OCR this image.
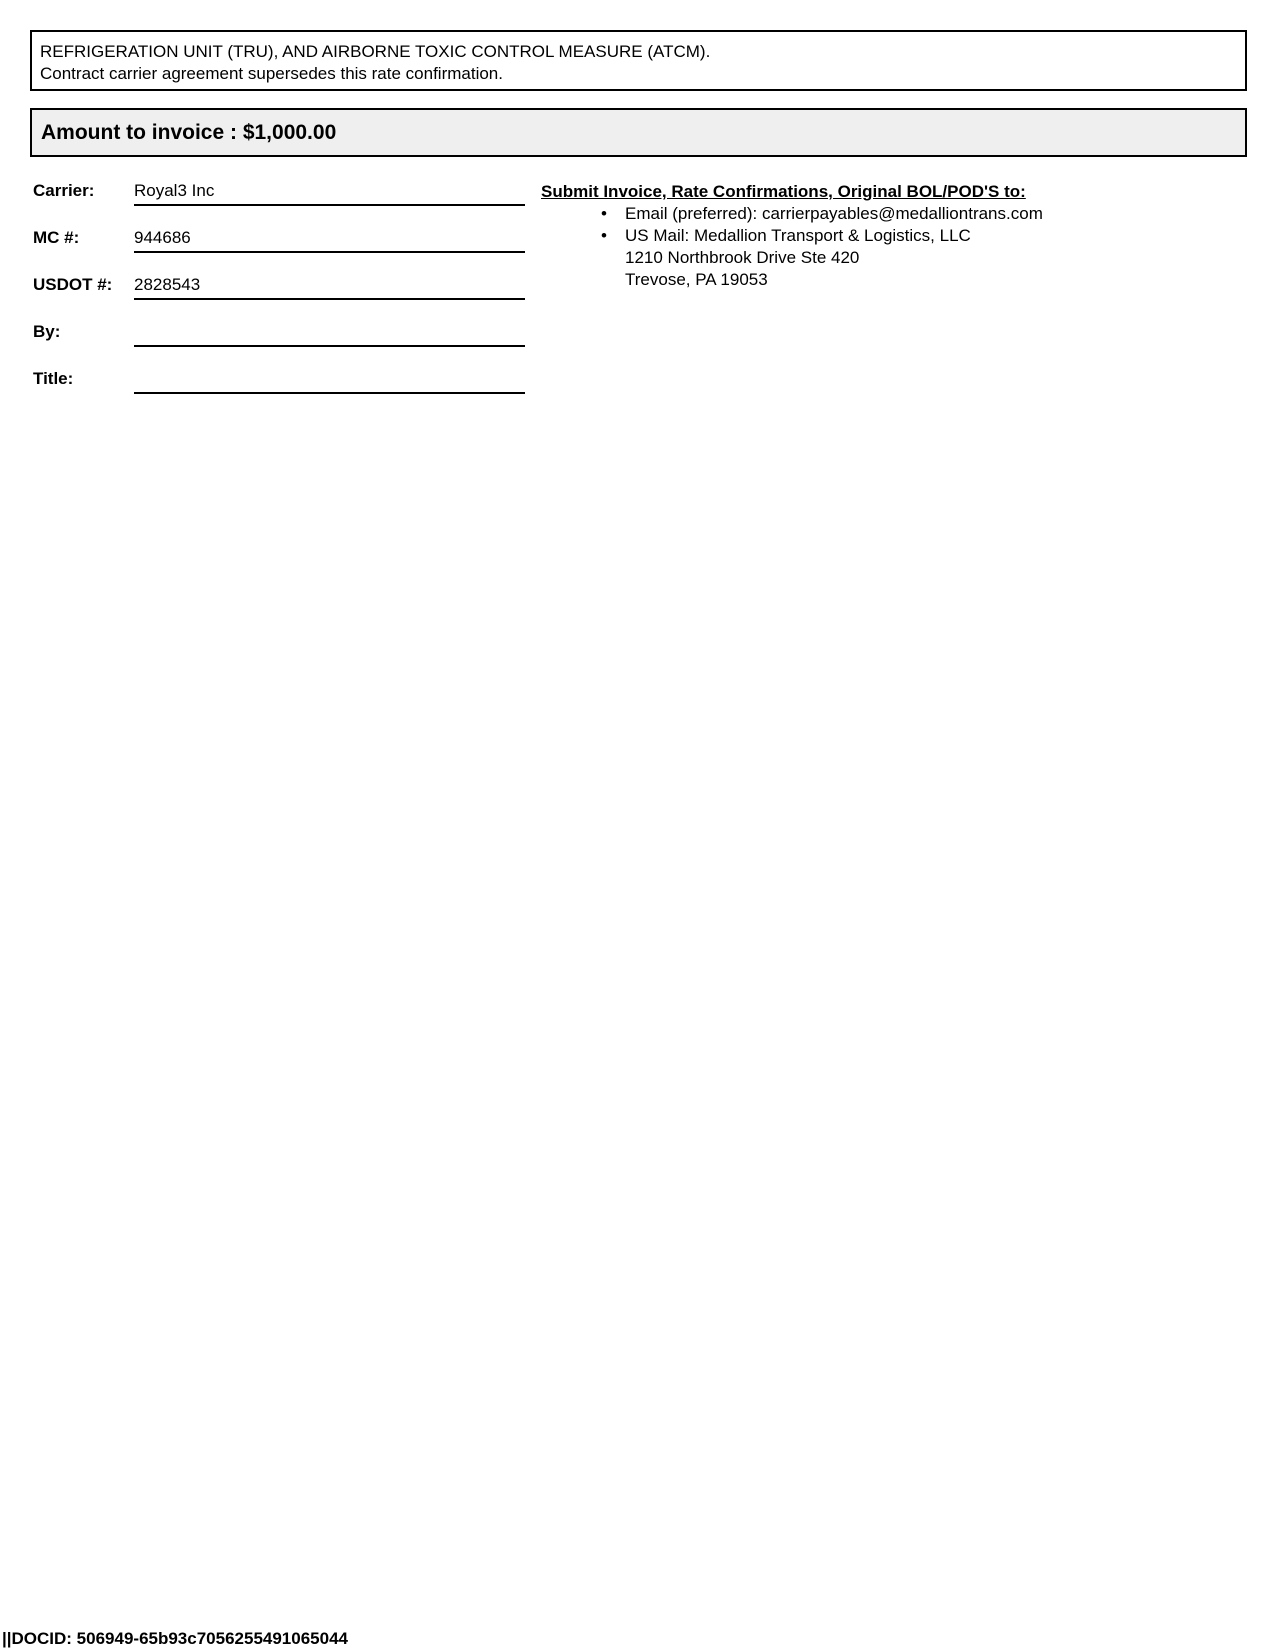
REFRIGERATION UNIT (TRU), AND AIRBORNE TOXIC CONTROL MEASURE (ATCM).
Contract carrier agreement supersedes this rate confirmation.
Amount to invoice : $1,000.00
Carrier: Royal3 Inc
MC #:	944686
USDOT #: 2828543
By:
Title:
Submit Invoice, Rate Confirmations, Original BOL/POD'S to:
• Email (preferred): carrierpayables@medalliontrans.com
• US Mail: Medallion Transport & Logistics, LLC
1210 Northbrook Drive Ste 420
Trevose, PA 19053
||DOCID: 506949-65b93c7056255491065044
